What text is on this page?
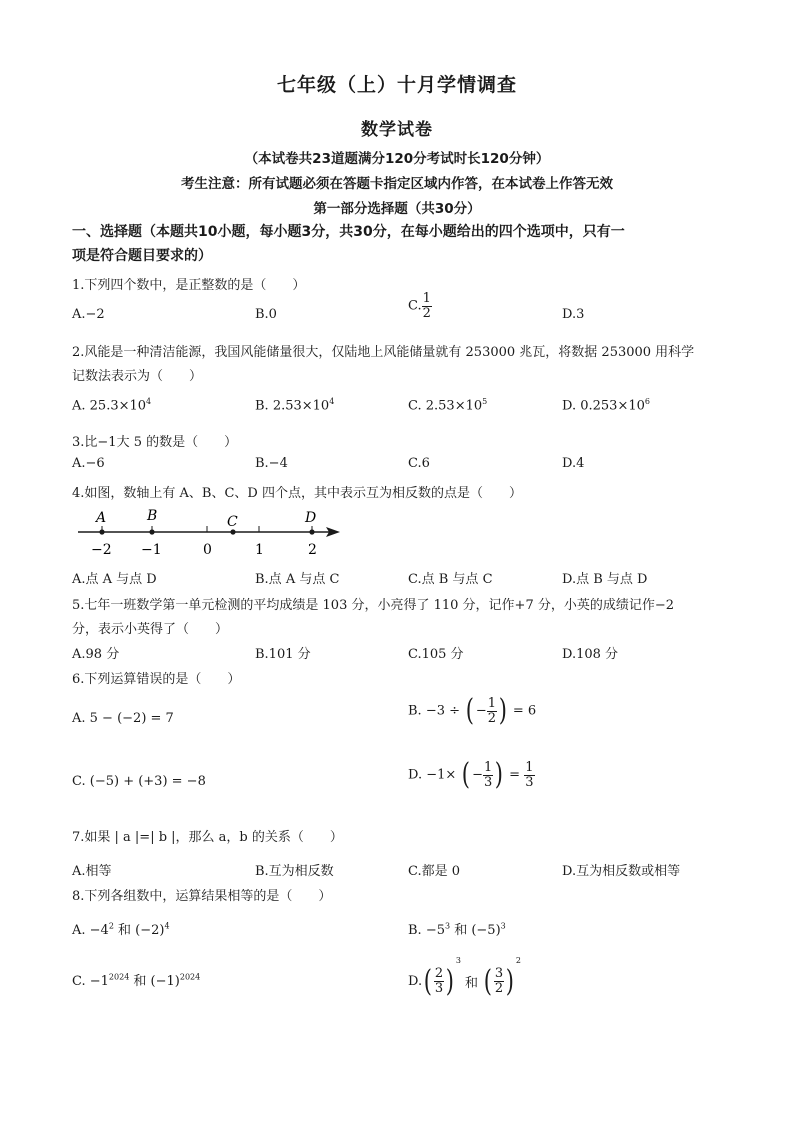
七年级（上）十月学情调查
数学试卷
（本试卷共23道题满分120分考试时长120分钟）
考生注意：所有试题必须在答题卡指定区域内作答，在本试卷上作答无效
第一部分选择题（共30分）
一、选择题（本题共10小题，每小题3分，共30分，在每小题给出的四个选项中，只有一
项是符合题目要求的）
1.下列四个数中，是正整数的是（　　）
A.−2	B.0
C. $\frac{1}{2}$	D.3
2.风能是一种清洁能源，我国风能储量很大，仅陆地上风能储量就有 253000 兆瓦，将数据 253000 用科学
记数法表示为（　　）
A. $25.3\times 10^4$	B. $2.53\times 10^4$	C. $2.53\times 10^5$	D. $0.253\times 10^6$
3.比−1大 5 的数是（　　）
A.−6	B.−4	C.6	D.4
4.如图，数轴上有 A、B、C、D 四个点，其中表示互为相反数的点是（　　）
A	B	C	D
−2 −1	0	1	2
A.点 A 与点 D	B.点 A 与点 C	C.点 B 与点 C	D.点 B 与点 D
5.七年一班数学第一单元检测的平均成绩是 103 分，小亮得了 110 分，记作+7 分，小英的成绩记作−2
分，表示小英得了（　　）
A.98 分	B.101 分	C.105 分	D.108 分
6.下列运算错误的是（　　）
A. 5 − (−2) = 7	B. −3 ÷ ( − $\frac{1}{2}$ ) = 6
C. (−5) + (+3) = −8	D. −1× ( − $\frac{1}{3}$ ) = $\frac{1}{3}$
7.如果 | a |=| b |，那么 a，b 的关系（　　）
A.相等	B.互为相反数	C.都是 0	D.互为相反数或相等
8.下列各组数中，运算结果相等的是（　　）
A. $-4^2$ 和 $(-2)^4$	B. $-5^3$ 和 $(-5)^3$
C. $-1^{2024}$ 和 $(-1)^{2024}$	$D.( \frac{2}{3} )^3$ 和 ( $\frac{3}{2} )^2$
